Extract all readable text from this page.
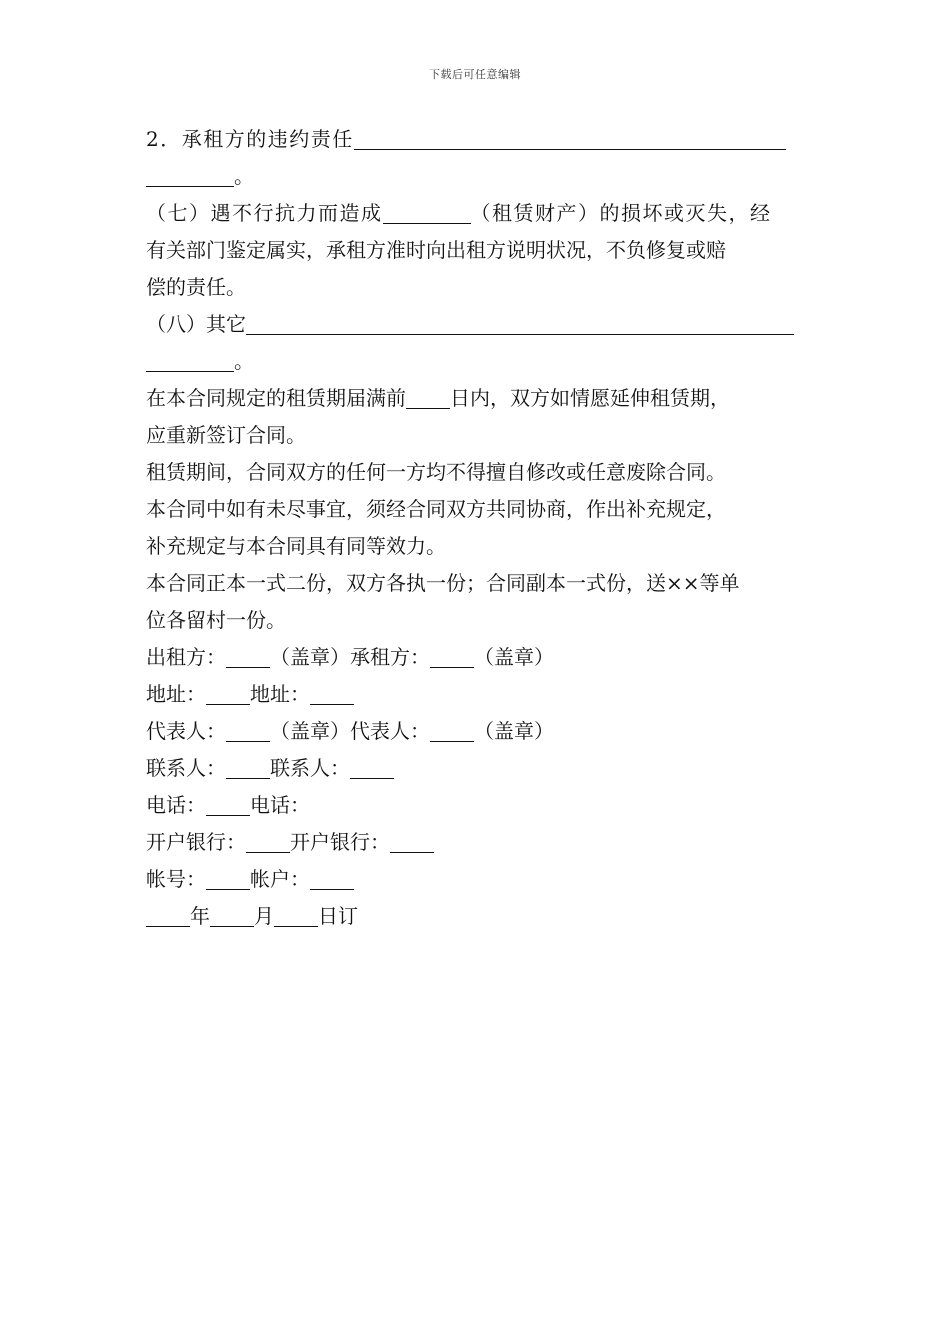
下载后可任意编辑
2．承租方的违约责任
。
（七）遇不行抗力而造成	（租赁财产）的损坏或灭失，经
有关部门鉴定属实，承租方准时向出租方说明状况，不负修复或赔
偿的责任。
（八）其它
。
在本合同规定的租赁期届满前 日内，双方如情愿延伸租赁期，
应重新签订合同。
租赁期间，合同双方的任何一方均不得擅自修改或任意废除合同。
本合同中如有未尽事宜，须经合同双方共同协商，作出补充规定，
补充规定与本合同具有同等效力。
本合同正本一式二份，双方各执一份；合同副本一式份，送××等单
位各留村一份。
出租方： （盖章）承租方： （盖章）
地址： 地址：
代表人： （盖章）代表人： （盖章）
联系人： 联系人：
电话： 电话：
开户银行： 开户银行：
帐号： 帐户：
年 月 日订
